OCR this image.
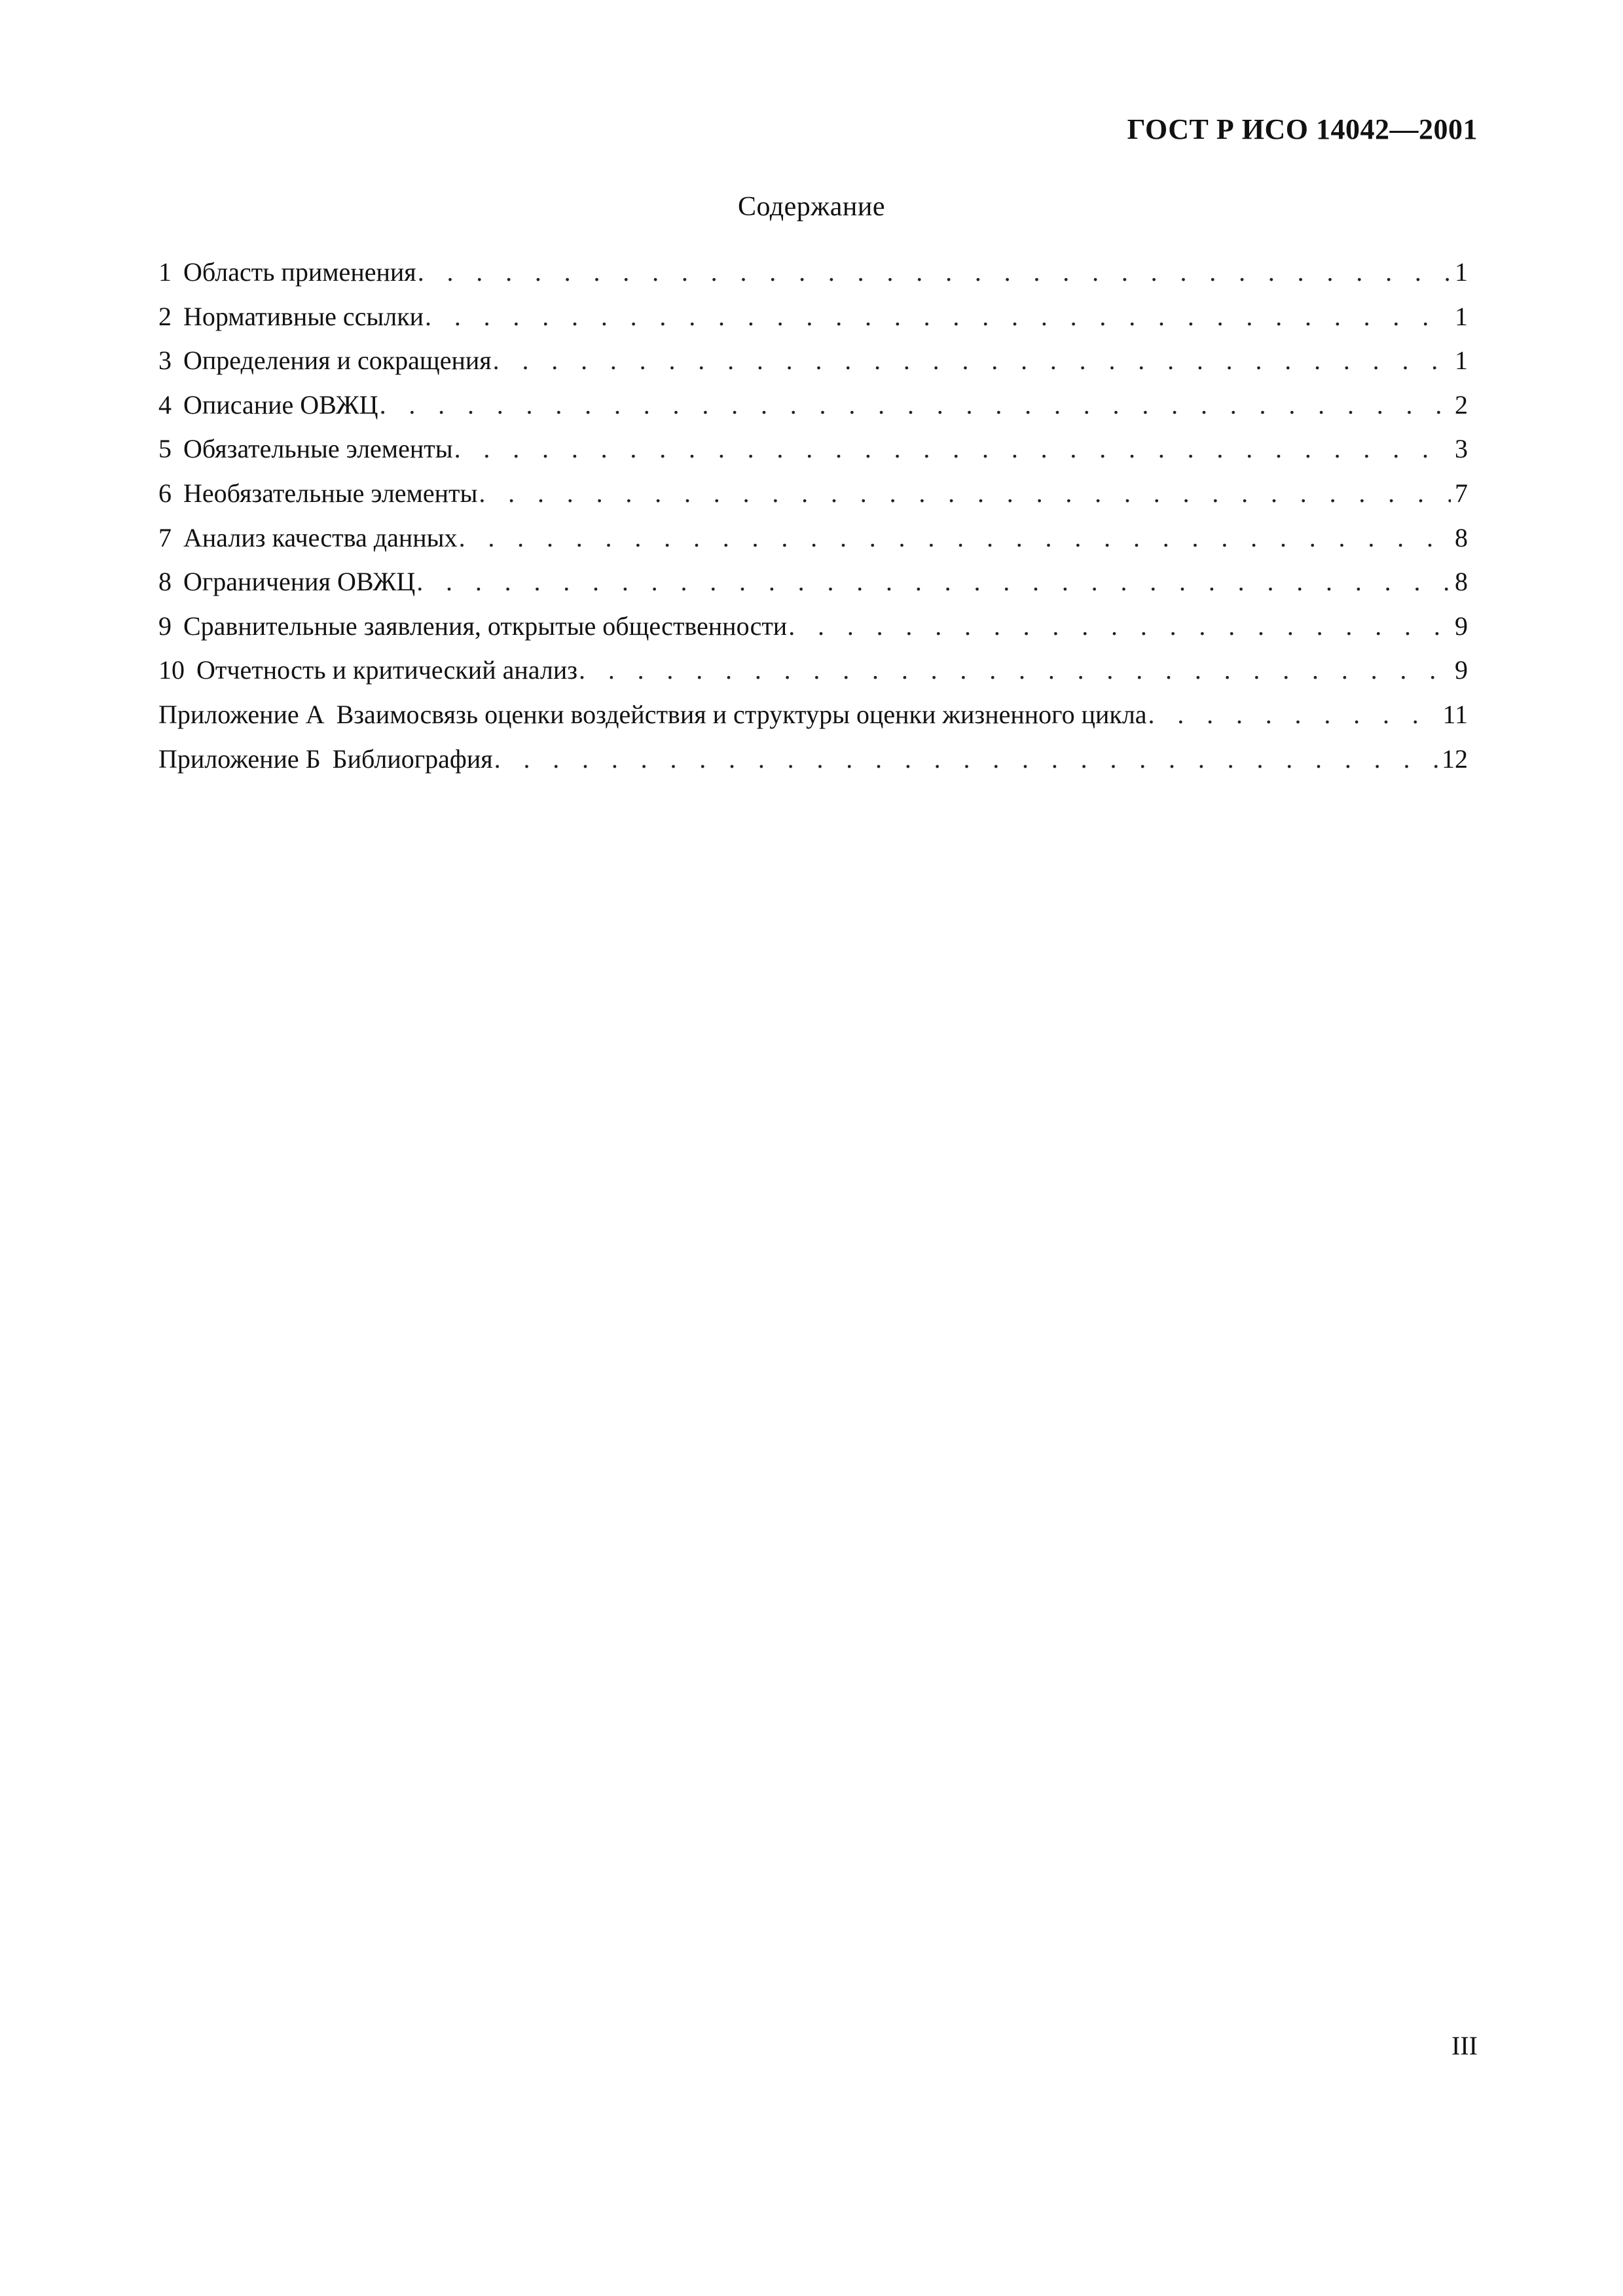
ГОСТ Р ИСО 14042—2001
Содержание
1 Область применения . . .	1
2 Нормативные ссылки . . .	1
3 Определения и сокращения . . .	1
4 Описание ОВЖЦ . . .	2
5 Обязательные элементы . . .	3
6 Необязательные элементы . . .	7
7 Анализ качества данных . . .	8
8 Ограничения ОВЖЦ . . .	8
9 Сравнительные заявления, открытые общественности . . .	9
10 Отчетность и критический анализ . . .	9
Приложение А Взаимосвязь оценки воздействия и структуры оценки жизненного цикла . . .	11
Приложение Б Библиография . . .	12
III
